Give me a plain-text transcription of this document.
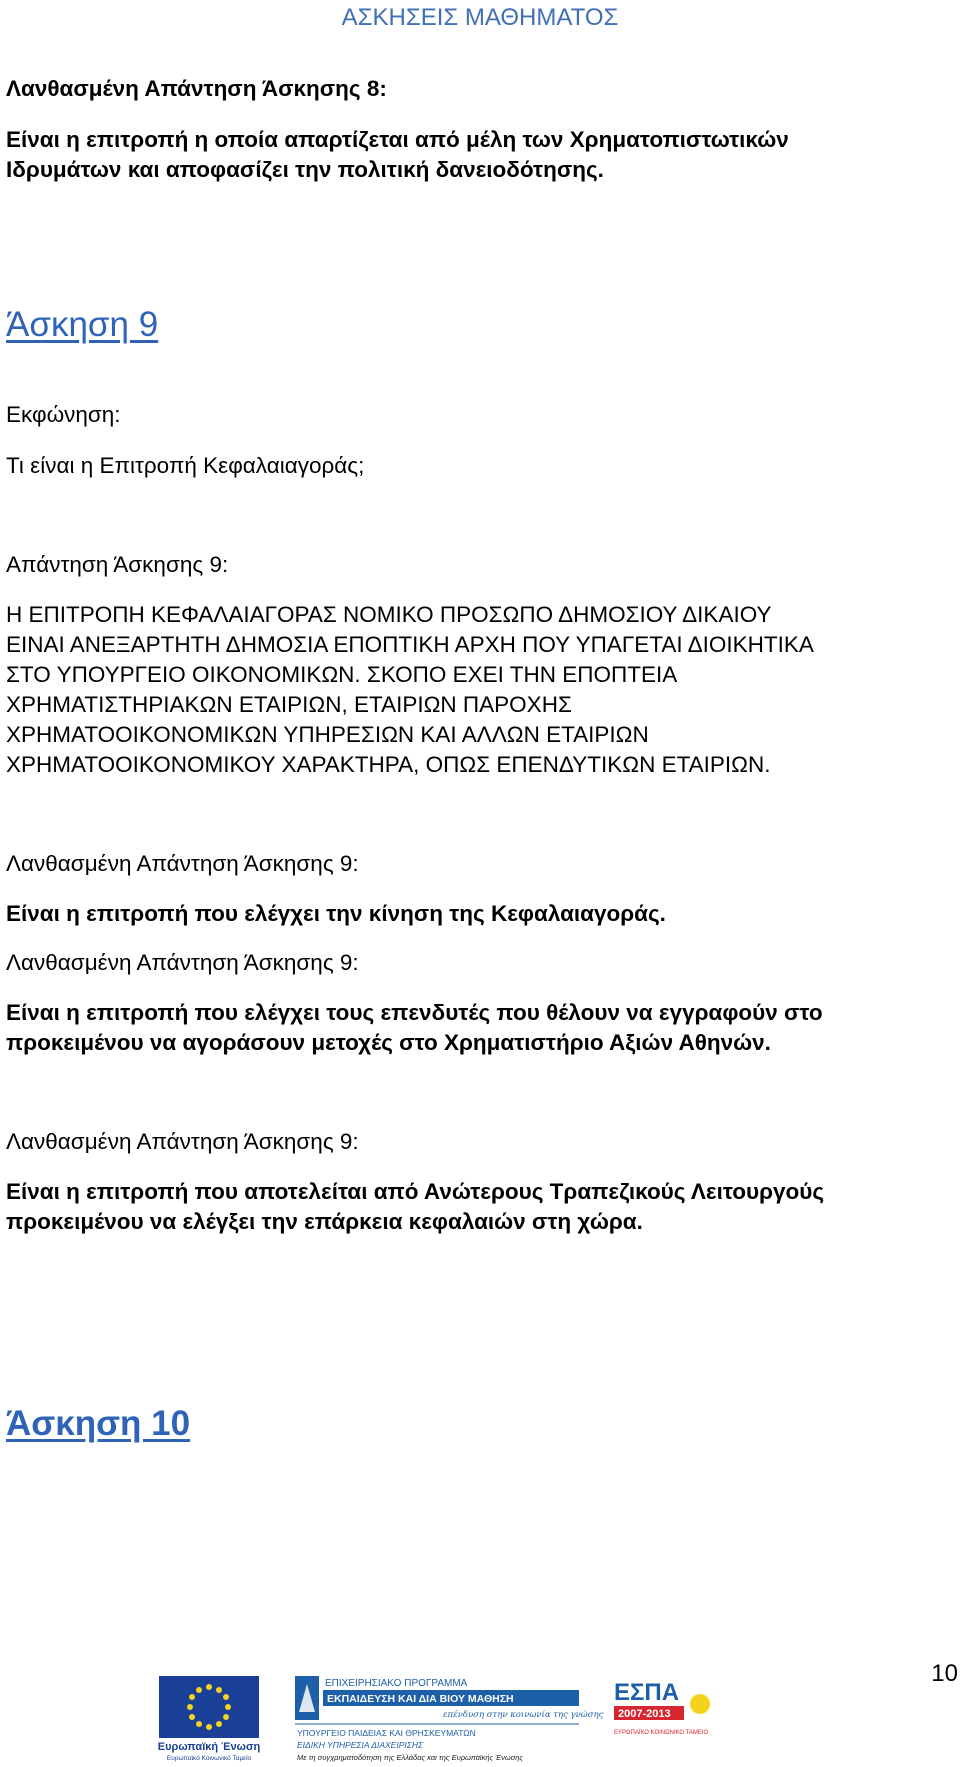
ΑΣΚΗΣΕΙΣ ΜΑΘΗΜΑΤΟΣ
Λανθασμένη Απάντηση Άσκησης 8:
Είναι η επιτροπή η οποία απαρτίζεται από μέλη των Χρηματοπιστωτικών
Ιδρυμάτων και αποφασίζει την πολιτική δανειοδότησης.
Άσκηση 9
Εκφώνηση:
Τι είναι η Επιτροπή Κεφαλαιαγοράς;
Απάντηση Άσκησης 9:
Η ΕΠΙΤΡΟΠΗ ΚΕΦΑΛΑΙΑΓΟΡΑΣ ΝΟΜΙΚΟ ΠΡΟΣΩΠΟ ΔΗΜΟΣΙΟΥ ΔΙΚΑΙΟΥ
ΕΙΝΑΙ ΑΝΕΞΑΡΤΗΤΗ ΔΗΜΟΣΙΑ ΕΠΟΠΤΙΚΗ ΑΡΧΗ ΠΟΥ ΥΠΑΓΕΤΑΙ ΔΙΟΙΚΗΤΙΚΑ
ΣΤΟ ΥΠΟΥΡΓΕΙΟ ΟΙΚΟΝΟΜΙΚΩΝ. ΣΚΟΠΟ ΕΧΕΙ ΤΗΝ ΕΠΟΠΤΕΙΑ
ΧΡΗΜΑΤΙΣΤΗΡΙΑΚΩΝ ΕΤΑΙΡΙΩΝ, ΕΤΑΙΡΙΩΝ ΠΑΡΟΧΗΣ
ΧΡΗΜΑΤΟΟΙΚΟΝΟΜΙΚΩΝ ΥΠΗΡΕΣΙΩΝ ΚΑΙ ΑΛΛΩΝ ΕΤΑΙΡΙΩΝ
ΧΡΗΜΑΤΟΟΙΚΟΝΟΜΙΚΟΥ ΧΑΡΑΚΤΗΡΑ, ΟΠΩΣ ΕΠΕΝΔΥΤΙΚΩΝ ΕΤΑΙΡΙΩΝ.
Λανθασμένη Απάντηση Άσκησης 9:
Είναι η επιτροπή που ελέγχει την κίνηση της Κεφαλαιαγοράς.
Λανθασμένη Απάντηση Άσκησης 9:
Είναι η επιτροπή που ελέγχει τους επενδυτές που θέλουν να εγγραφούν στο
προκειμένου να αγοράσουν μετοχές στο Χρηματιστήριο Αξιών Αθηνών.
Λανθασμένη Απάντηση Άσκησης 9:
Είναι η επιτροπή που αποτελείται από Ανώτερους Τραπεζικούς Λειτουργούς
προκειμένου να ελέγξει την επάρκεια κεφαλαιών στη χώρα.
Άσκηση 10
10
Ευρωπαϊκή Ένωση
Ευρωπαϊκό Κοινωνικό Ταμείο
ΕΠΙΧΕΙΡΗΣΙΑΚΟ ΠΡΟΓΡΑΜΜΑ
ΕΚΠΑΙΔΕΥΣΗ ΚΑΙ ΔΙΑ ΒΙΟΥ ΜΑΘΗΣΗ
επένδυση στην κοινωνία της γνώσης
ΥΠΟΥΡΓΕΙΟ ΠΑΙΔΕΙΑΣ ΚΑΙ ΘΡΗΣΚΕΥΜΑΤΩΝ
ΕΙΔΙΚΗ ΥΠΗΡΕΣΙΑ ΔΙΑΧΕΙΡΙΣΗΣ
Με τη συγχρηματοδότηση της Ελλάδας και της Ευρωπαϊκής Ένωσης
ΕΣΠΑ
2007-2013
ΕΥΡΩΠΑΪΚΟ ΚΟΙΝΩΝΙΚΟ ΤΑΜΕΙΟ
